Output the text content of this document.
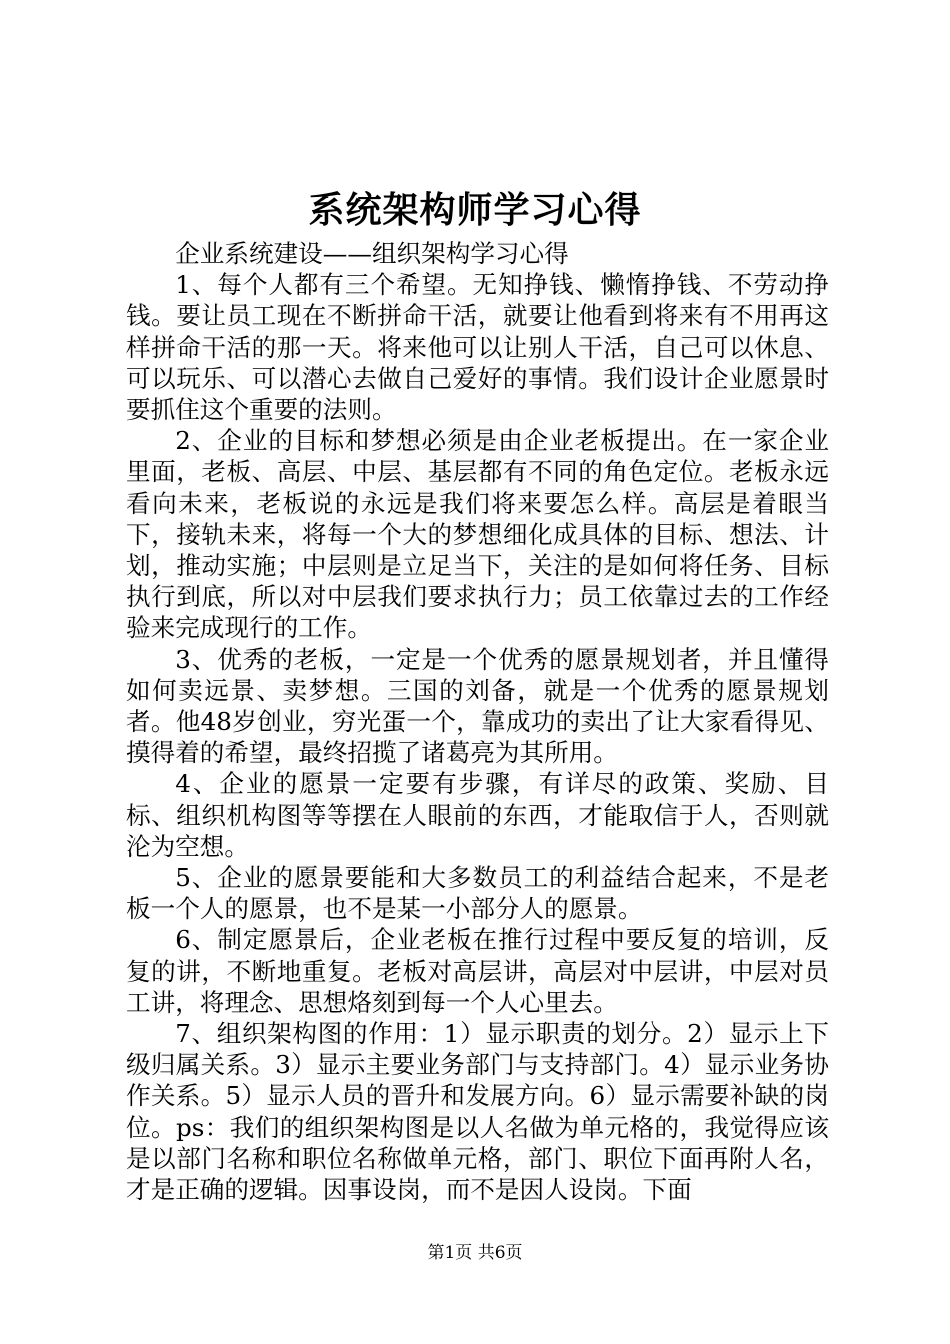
系统架构师学习心得

企业系统建设——组织架构学习心得

1、每个人都有三个希望。无知挣钱、懒惰挣钱、不劳动挣钱。要让员工现在不断拼命干活，就要让他看到将来有不用再这样拼命干活的那一天。将来他可以让别人干活，自己可以休息、可以玩乐、可以潜心去做自己爱好的事情。我们设计企业愿景时要抓住这个重要的法则。

2、企业的目标和梦想必须是由企业老板提出。在一家企业里面，老板、高层、中层、基层都有不同的角色定位。老板永远看向未来，老板说的永远是我们将来要怎么样。高层是着眼当下，接轨未来，将每一个大的梦想细化成具体的目标、想法、计划，推动实施；中层则是立足当下，关注的是如何将任务、目标执行到底，所以对中层我们要求执行力；员工依靠过去的工作经验来完成现行的工作。

3、优秀的老板，一定是一个优秀的愿景规划者，并且懂得如何卖远景、卖梦想。三国的刘备，就是一个优秀的愿景规划者。他48岁创业，穷光蛋一个，靠成功的卖出了让大家看得见、摸得着的希望，最终招揽了诸葛亮为其所用。

4、企业的愿景一定要有步骤，有详尽的政策、奖励、目标、组织机构图等等摆在人眼前的东西，才能取信于人，否则就沦为空想。

5、企业的愿景要能和大多数员工的利益结合起来，不是老板一个人的愿景，也不是某一小部分人的愿景。

6、制定愿景后，企业老板在推行过程中要反复的培训，反复的讲，不断地重复。老板对高层讲，高层对中层讲，中层对员工讲，将理念、思想烙刻到每一个人心里去。

7、组织架构图的作用：1）显示职责的划分。2）显示上下级归属关系。3）显示主要业务部门与支持部门。4）显示业务协作关系。5）显示人员的晋升和发展方向。6）显示需要补缺的岗位。ps：我们的组织架构图是以人名做为单元格的，我觉得应该是以部门名称和职位名称做单元格，部门、职位下面再附人名，才是正确的逻辑。因事设岗，而不是因人设岗。下面

第1页 共6页
